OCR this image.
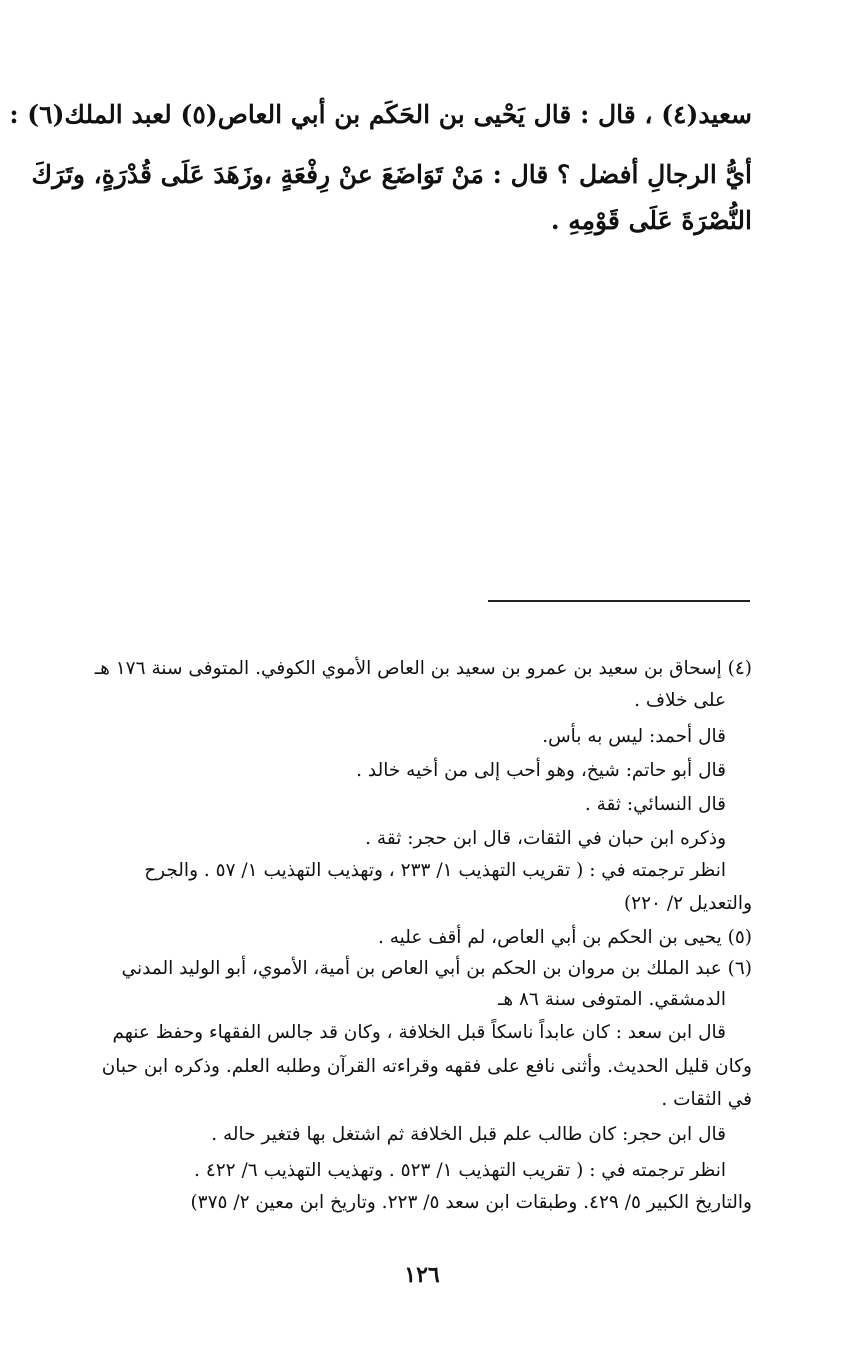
سعيد(٤) ، قال : قال يَحْيى بن الحَكَم بن أبي العاص(٥) لعبد الملك(٦) :
أيُّ الرجالِ أفضل ؟ قال : مَنْ تَوَاضَعَ عنْ رِفْعَةٍ ،وزَهَدَ عَلَى قُدْرَةٍ، وتَرَكَ
النُّصْرَةَ عَلَى قَوْمِهِ .
(٤) إسحاق بن سعيد بن عمرو بن سعيد بن العاص الأموي الكوفي. المتوفى سنة ١٧٦ هـ
على خلاف .
قال أحمد: ليس به بأس.
قال أبو حاتم: شيخ، وهو أحب إلى من أخيه خالد .
قال النسائي: ثقة .
وذكره ابن حبان في الثقات، قال ابن حجر: ثقة .
انظر ترجمته في : ( تقريب التهذيب ١/ ٢٣٣ ، وتهذيب التهذيب ١/ ٥٧ . والجرح
والتعديل ٢/ ٢٢٠)
(٥) يحيى بن الحكم بن أبي العاص، لم أقف عليه .
(٦) عبد الملك بن مروان بن الحكم بن أبي العاص بن أمية، الأموي، أبو الوليد المدني
الدمشقي. المتوفى سنة ٨٦ هـ
قال ابن سعد : كان عابداً ناسكاً قبل الخلافة ، وكان قد جالس الفقهاء وحفظ عنهم
وكان قليل الحديث. وأثنى نافع على فقهه وقراءته القرآن وطلبه العلم. وذكره ابن حبان
في الثقات .
قال ابن حجر: كان طالب علم قبل الخلافة ثم اشتغل بها فتغير حاله .
انظر ترجمته في : ( تقريب التهذيب ١/ ٥٢٣ . وتهذيب التهذيب ٦/ ٤٢٢ .
والتاريخ الكبير ٥/ ٤٢٩. وطبقات ابن سعد ٥/ ٢٢٣. وتاريخ ابن معين ٢/ ٣٧٥)
١٢٦
